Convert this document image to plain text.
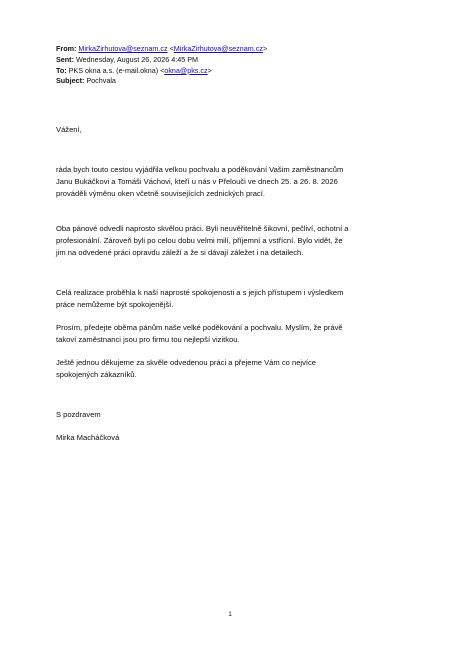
From: MirkaZirhutova@seznam.cz <MirkaZirhutova@seznam.cz>
Sent: Wednesday, August 26, 2026 4:45 PM
To: PKS okna a.s. (e-mail.okna) <okna@pks.cz>
Subject: Pochvala

Vážení,

ráda bych touto cestou vyjádřila velkou pochvalu a poděkování Vašim zaměstnancům
Janu Bukáčkovi a Tomáši Váchovi, kteří u nás v Přelouči ve dnech 25. a 26. 8. 2026
prováděli výměnu oken včetně souvisejících zednických prací.

Oba pánové odvedli naprosto skvělou práci. Byli neuvěřitelně šikovní, pečliví, ochotní a
profesionální. Zároveň byli po celou dobu velmi milí, příjemní a vstřícní. Bylo vidět, že
jim na odvedené práci opravdu záleží a že si dávají záležet i na detailech.

Celá realizace proběhla k naší naprosté spokojenosti a s jejich přístupem i výsledkem
práce nemůžeme být spokojenější.

Prosím, předejte oběma pánům naše velké poděkování a pochvalu. Myslím, že právě
takoví zaměstnanci jsou pro firmu tou nejlepší vizitkou.

Ještě jednou děkujeme za skvěle odvedenou práci a přejeme Vám co nejvíce
spokojených zákazníků.

S pozdravem

Mirka Macháčková

1
